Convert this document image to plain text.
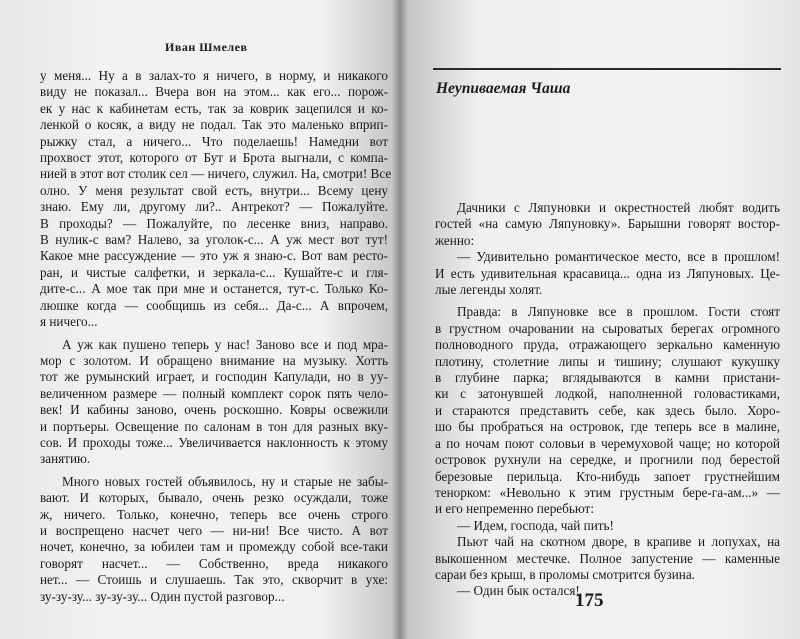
Иван Шмелев
у меня... Ну а в залах-то я ничего, в норму, и никакого
виду не показал... Вчера вон на этом... как его... порож-
ек у нас к кабинетам есть, так за коврик зацепился и ко-
ленкой о косяк, а виду не подал. Так это маленько вприп-
рыжку стал, а ничего... Что поделаешь! Намедни вот
прохвост этот, которого от Бут и Брота выгнали, с компа-
нией в этот вот столик сел — ничего, служил. На, смотри! Все
олно. У меня результат свой есть, внутри... Всему цену
знаю. Ему ли, другому ли?.. Антрекот? — Пожалуйте.
В проходы? — Пожалуйте, по лесенке вниз, направо.
В нулик-с вам? Налево, за уголок-с... А уж мест вот тут!
Какое мне рассуждение — это уж я знаю-с. Вот вам ресто-
ран, и чистые салфетки, и зеркала-с... Кушайте-с и гля-
дите-с... А мое так при мне и останется, тут-с. Только Ко-
люшке когда — сообщишь из себя... Да-с... А впрочем,
я ничего...
А уж как пушено теперь у нас! Заново все и под мра-
мор с золотом. И обращено внимание на музыку. Хотть
тот же румынский играет, и господин Капулади, но в уу-
величенном размере — полный комплект сорок пять чело-
век! И кабины заново, очень роскошно. Ковры освежили
и портьеры. Освещение по салонам в тон для разных вку-
сов. И проходы тоже... Увеличивается наклонность к этому
занятию.
Много новых гостей объявилось, ну и старые не забы-
вают. И которых, бывало, очень резко осуждали, тоже
ж, ничего. Только, конечно, теперь все очень строго
и воспрещено насчет чего — ни-ни! Все чисто. А вот
ночет, конечно, за юбилеи там и промежду собой все-таки
говорят насчет... — Собственно, вреда никакого
нет... — Стоишь и слушаешь. Так это, скворчит в ухе:
зу-зу-зу... зу-зу-зу... Один пустой разговор...
Неупиваемая Чаша
Дачники с Ляпуновки и окрестностей любят водить
гостей «на самую Ляпуновку». Барышни говорят востор-
женно:
— Удивительно романтическое место, все в прошлом!
И есть удивительная красавица... одна из Ляпуновых. Це-
лые легенды холят.
Правда: в Ляпуновке все в прошлом. Гости стоят
в грустном очаровании на сыроватых берегах огромного
полноводного пруда, отражающего зеркально каменную
плотину, столетние липы и тишину; слушают кукушку
в глубине парка; вглядываются в камни пристани-
ки с затонувшей лодкой, наполненной головастиками,
и стараются представить себе, как здесь было. Хоро-
шо бы пробраться на островок, где теперь все в малине,
а по ночам поют соловьи в черемуховой чаще; но которой
островок рухнули на середке, и прогнили под берестой
березовые перильца. Кто-нибудь запоет грустнейшим
тенорком: «Невольно к этим грустным бере-га-ам...» —
и его непременно перебьют:
— Идем, господа, чай пить!
Пьют чай на скотном дворе, в крапиве и лопухах, на
выкошенном местечке. Полное запустение — каменные
сараи без крыш, в проломы смотрится бузина.
— Один бык остался!
175
